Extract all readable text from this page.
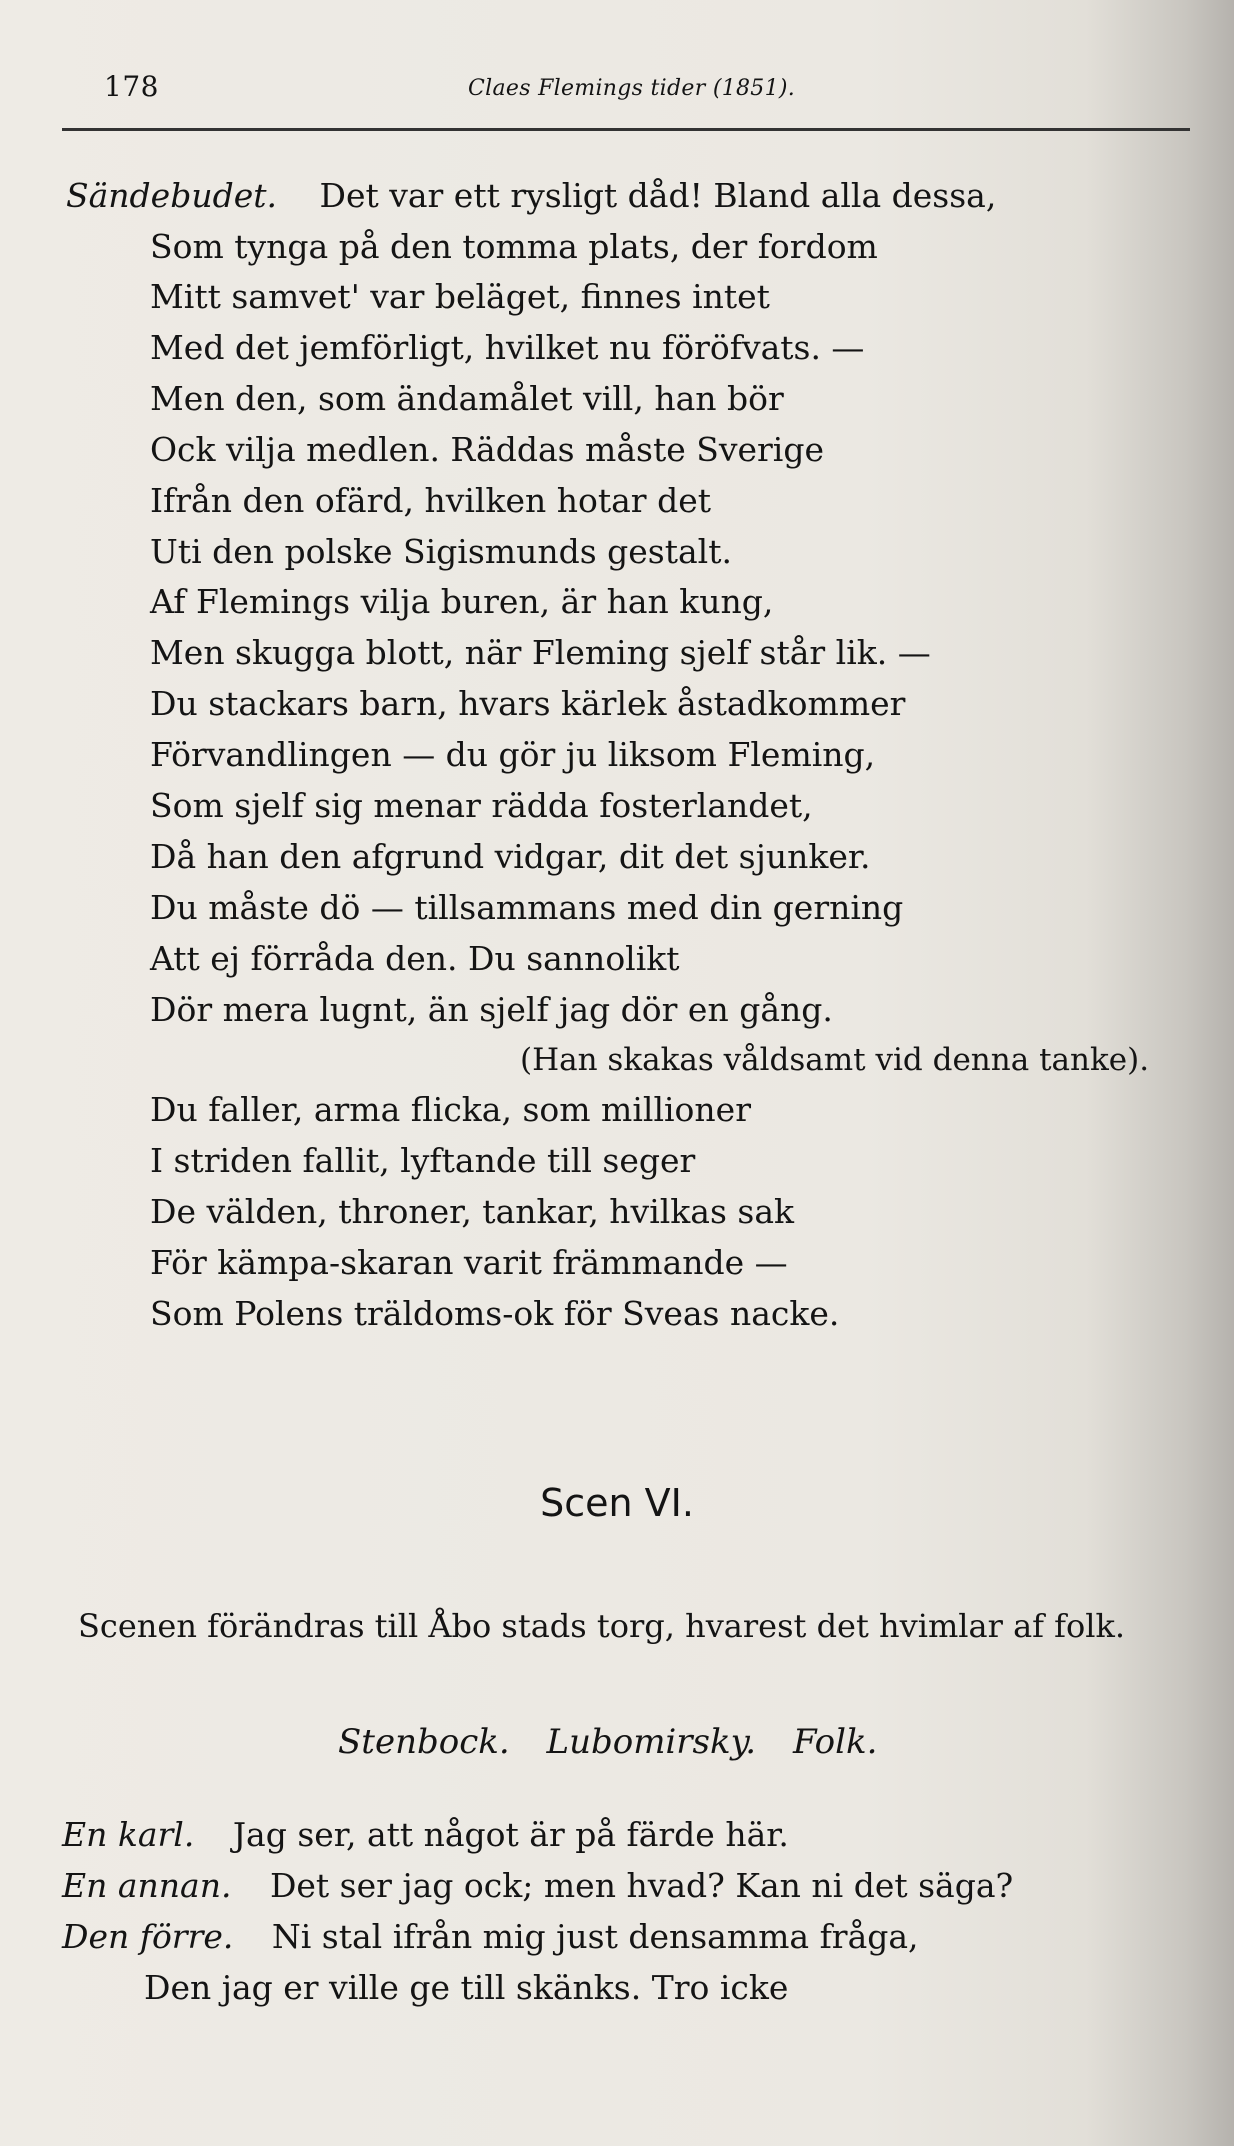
178	Claes Flemings tider (1851).
Sändebudet. Det var ett rysligt dåd! Bland alla dessa,
Som tynga på den tomma plats, der fordom
Mitt samvet' var beläget, finnes intet
Med det jemförligt, hvilket nu föröfvats. —
Men den, som ändamålet vill, han bör
Ock vilja medlen. Räddas måste Sverige
Ifrån den ofärd, hvilken hotar det
Uti den polske Sigismunds gestalt.
Af Flemings vilja buren, är han kung,
Men skugga blott, när Fleming sjelf står lik. —
Du stackars barn, hvars kärlek åstadkommer
Förvandlingen — du gör ju liksom Fleming,
Som sjelf sig menar rädda fosterlandet,
Då han den afgrund vidgar, dit det sjunker.
Du måste dö — tillsammans med din gerning
Att ej förråda den. Du sannolikt
Dör mera lugnt, än sjelf jag dör en gång.
(Han skakas våldsamt vid denna tanke).
Du faller, arma flicka, som millioner
I striden fallit, lyftande till seger
De välden, throner, tankar, hvilkas sak
För kämpa-skaran varit främmande —
Som Polens träldoms-ok för Sveas nacke.
Scen VI.
Scenen förändras till Åbo stads torg, hvarest det hvimlar af folk.
Stenbock. Lubomirsky. Folk.
En karl. Jag ser, att något är på färde här.
En annan. Det ser jag ock; men hvad? Kan ni det säga?
Den förre. Ni stal ifrån mig just densamma fråga,
Den jag er ville ge till skänks. Tro icke
